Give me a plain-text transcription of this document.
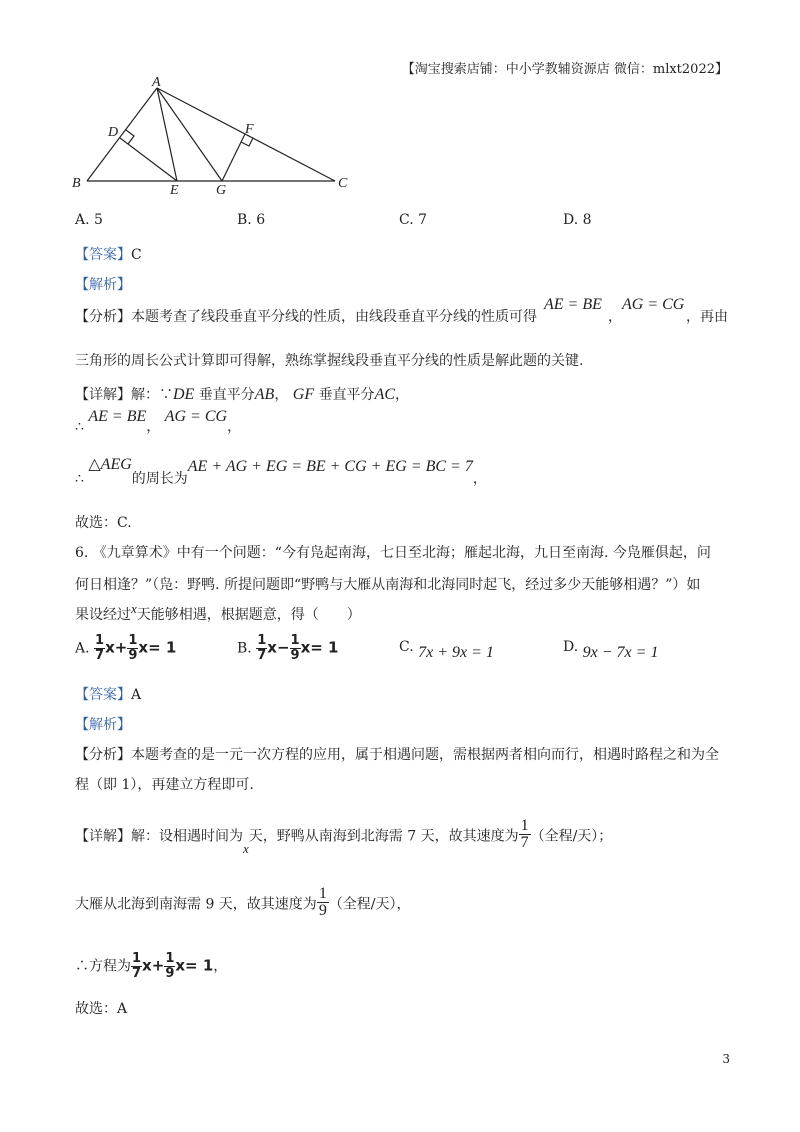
【淘宝搜索店铺：中小学教辅资源店 微信：mlxt2022】
A
B	C
D
E
F
G
A. 5	B. 6	C. 7	D. 8
【答案】C
【解析】
【分析】本题考查了线段垂直平分线的性质，由线段垂直平分线的性质可得
AE = BE
，
AG = CG
，再由
三角形的周长公式计算即可得解，熟练掌握线段垂直平分线的性质是解此题的关键.
【详解】解：∵DE 垂直平分AB， GF 垂直平分AC，
∴ AE = BE， AG = CG，
∴ △AEG的周长为AE + AG + EG = BE + CG + EG = BC = 7，
故选：C.
6. 《九章算术》中有一个问题：“今有凫起南海，七日至北海；雁起北海，九日至南海. 今凫雁俱起，问
何日相逢？”（凫：野鸭. 所提问题即“野鸭与大雁从南海和北海同时起飞，经过多少天能够相遇？”）如
果设经过x天能够相遇，根据题意，得（　　）
A. $\frac{1}{7} x+ \frac{1}{9} x= 1$	B. $\frac{1}{7} x- \frac{1}{9} x= 1$	C. 7x + 9x = 1	D. 9x − 7x = 1
【答案】A
【解析】
【分析】本题考查的是一元一次方程的应用，属于相遇问题，需根据两者相向而行，相遇时路程之和为全
程（即 1），再建立方程即可.
【详解】解：设相遇时间为x天，野鸭从南海到北海需 7 天，故其速度为 $\frac{1}{7}$ （全程/天）；
大雁从北海到南海需 9 天，故其速度为 $\frac{1}{9}$ （全程/天），
∴方程为 $\frac{1}{7} x+ \frac{1}{9} x= 1$，
故选：A
3
